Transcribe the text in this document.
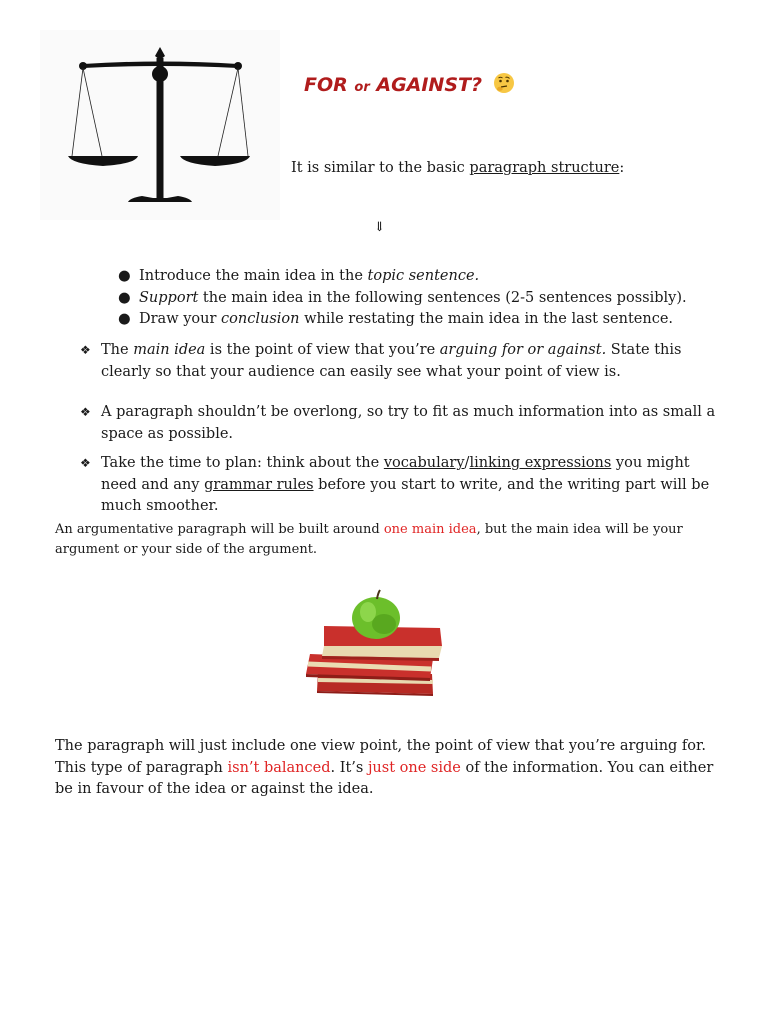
FOR or AGAINST?
It is similar to the basic paragraph structure:
⇓
● Introduce the main idea in the topic sentence.
● Support the main idea in the following sentences (2-5 sentences possibly).
● Draw your conclusion while restating the main idea in the last sentence.
❖ The main idea is the point of view that you’re arguing for or against. State this clearly so that your audience can easily see what your point of view is.
❖ A paragraph shouldn’t be overlong, so try to fit as much information into as small a space as possible.
❖ Take the time to plan: think about the vocabulary/linking expressions you might need and any grammar rules before you start to write, and the writing part will be much smoother.
An argumentative paragraph will be built around one main idea, but the main idea will be your argument or your side of the argument.
The paragraph will just include one view point, the point of view that you’re arguing for. This type of paragraph isn’t balanced. It’s just one side of the information. You can either be in favour of the idea or against the idea.
